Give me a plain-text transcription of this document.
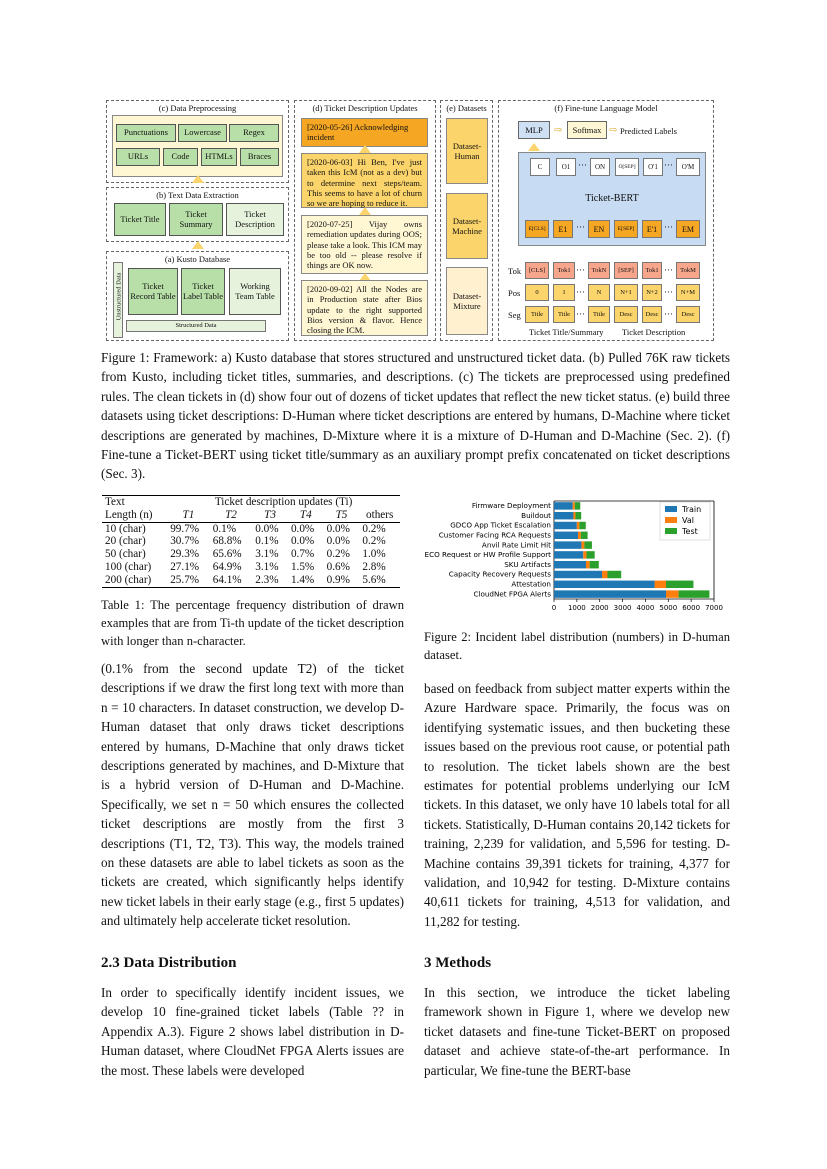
(c) Data Preprocessing
Punctuations	Lowercase	Regex
URLs	Code	HTMLs	Braces
(b) Text Data Extraction
Ticket Title	Ticket Summary
Ticket Description
(a) Kusto Database
Unstructured Data	Ticket Record Table
Ticket Label Table
Working Team Table
Structured Data
(d) Ticket Description Updates
[2020-05-26] Acknowledging incident
[2020-06-03] Hi Ben, I've just taken this IcM (not as a dev) but to determine next steps/team. This seems to have a lot of churn so we are hoping to reduce it.
[2020-07-25] Vijay owns remediation updates during OOS; please take a look. This ICM may be too old -- please resolve if things are OK now.
[2020-09-02] All the Nodes are in Production state after Bios update to the right supported Bios version & flavor. Hence closing the ICM.
(e) Datasets
Dataset-Human
Dataset-Machine
Dataset-Mixture
(f) Fine-tune Language Model
MLP	⇨	Softmax ⇨ Predicted Labels
C	O1 ···	ON	O[SEP]	O'1 ···	O'M
Ticket-BERT
E[CLS]	E1 ···	EN	E[SEP]	E'1 ···	EM
Tok
Pos
Seg
[CLS]	Tok1	TokN	[SEP]	Tok1	TokM
···	···
0	1	N	N+1	N+2	N+M
···	···
Title	Title	Title	Desc	Desc	Desc
···	···
Ticket Title/Summary Ticket Description
Figure 1: Framework: a) Kusto database that stores structured and unstructured ticket data. (b) Pulled 76K raw tickets from Kusto, including ticket titles, summaries, and descriptions. (c) The tickets are preprocessed using predefined rules. The clean tickets in (d) show four out of dozens of ticket updates that reflect the new ticket status. (e) build three datasets using ticket descriptions: D-Human where ticket descriptions are entered by humans, D-Machine where ticket descriptions are generated by machines, D-Mixture where it is a mixture of D-Human and D-Machine (Sec. 2). (f) Fine-tune a Ticket-BERT using ticket title/summary as an auxiliary prompt prefix concatenated on ticket descriptions (Sec. 3).
Text	Ticket description updates (Ti)					
Length (n)	T1	T2	T3	T4	T5	others
10 (char)	99.7%	0.1%	0.0%	0.0%	0.0%	0.2%
20 (char)	30.7%	68.8%	0.1%	0.0%	0.0%	0.2%
50 (char)	29.3%	65.6%	3.1%	0.7%	0.2%	1.0%
100 (char)	27.1%	64.9%	3.1%	1.5%	0.6%	2.8%
200 (char)	25.7%	64.1%	2.3%	1.4%	0.9%	5.6%
Table 1: The percentage frequency distribution of drawn examples that are from Ti-th update of the ticket description with longer than n-character.
Firmware Deployment
Buildout
GDCO App Ticket Escalation
Customer Facing RCA Requests
Anvil Rate Limit Hit
ECO Request or HW Profile Support
SKU Artifacts
Capacity Recovery Requests
Attestation
CloudNet FPGA Alerts
0 1000 2000 3000 4000 5000 6000 7000
Train
Val
Test
Figure 2: Incident label distribution (numbers) in D-human dataset.
(0.1% from the second update T2) of the ticket descriptions if we draw the first long text with more than n = 10 characters. In dataset construction, we develop D-Human dataset that only draws ticket descriptions entered by humans, D-Machine that only draws ticket descriptions generated by machines, and D-Mixture that is a hybrid version of D-Human and D-Machine. Specifically, we set n = 50 which ensures the collected ticket descriptions are mostly from the first 3 descriptions (T1, T2, T3). This way, the models trained on these datasets are able to label tickets as soon as the tickets are created, which significantly helps identify new ticket labels in their early stage (e.g., first 5 updates) and ultimately help accelerate ticket resolution.
2.3 Data Distribution
In order to specifically identify incident issues, we develop 10 fine-grained ticket labels (Table ?? in Appendix A.3). Figure 2 shows label distribution in D-Human dataset, where CloudNet FPGA Alerts issues are the most. These labels were developed
based on feedback from subject matter experts within the Azure Hardware space. Primarily, the focus was on identifying systematic issues, and then bucketing these issues based on the previous root cause, or potential path to resolution. The ticket labels shown are the best estimates for potential problems underlying our IcM tickets. In this dataset, we only have 10 labels total for all tickets. Statistically, D-Human contains 20,142 tickets for training, 2,239 for validation, and 5,596 for testing. D-Machine contains 39,391 tickets for training, 4,377 for validation, and 10,942 for testing. D-Mixture contains 40,611 tickets for training, 4,513 for validation, and 11,282 for testing.
3 Methods
In this section, we introduce the ticket labeling framework shown in Figure 1, where we develop new ticket datasets and fine-tune Ticket-BERT on proposed dataset and achieve state-of-the-art performance. In particular, We fine-tune the BERT-base
